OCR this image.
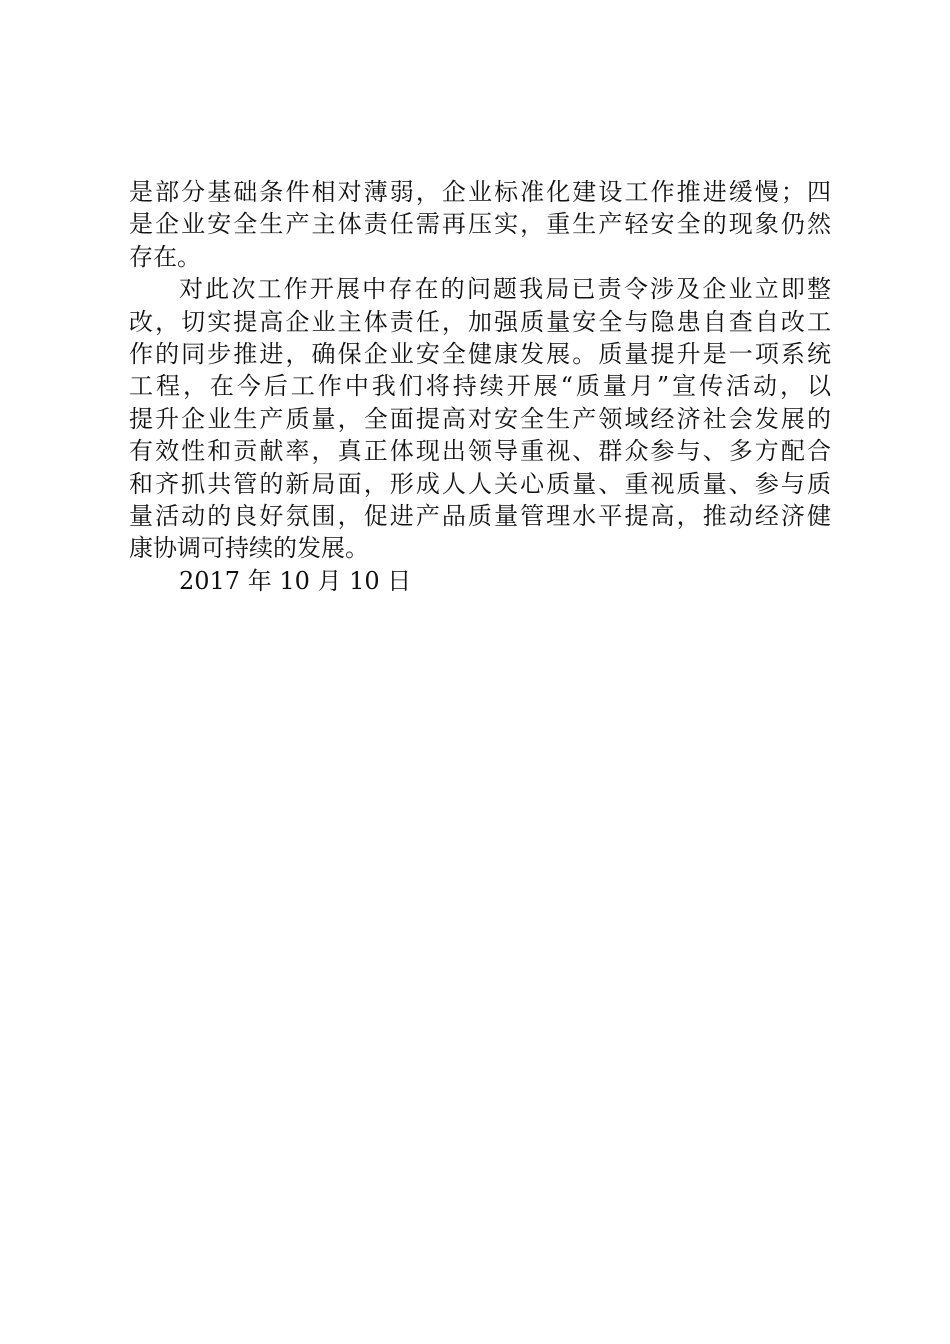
是部分基础条件相对薄弱，企业标准化建设工作推进缓慢；四
是企业安全生产主体责任需再压实，重生产轻安全的现象仍然
存在。
对此次工作开展中存在的问题我局已责令涉及企业立即整
改，切实提高企业主体责任，加强质量安全与隐患自查自改工
作的同步推进，确保企业安全健康发展。质量提升是一项系统
工程，在今后工作中我们将持续开展“质量月”宣传活动，以
提升企业生产质量，全面提高对安全生产领域经济社会发展的
有效性和贡献率，真正体现出领导重视、群众参与、多方配合
和齐抓共管的新局面，形成人人关心质量、重视质量、参与质
量活动的良好氛围，促进产品质量管理水平提高，推动经济健
康协调可持续的发展。
2017 年 10 月 10 日
